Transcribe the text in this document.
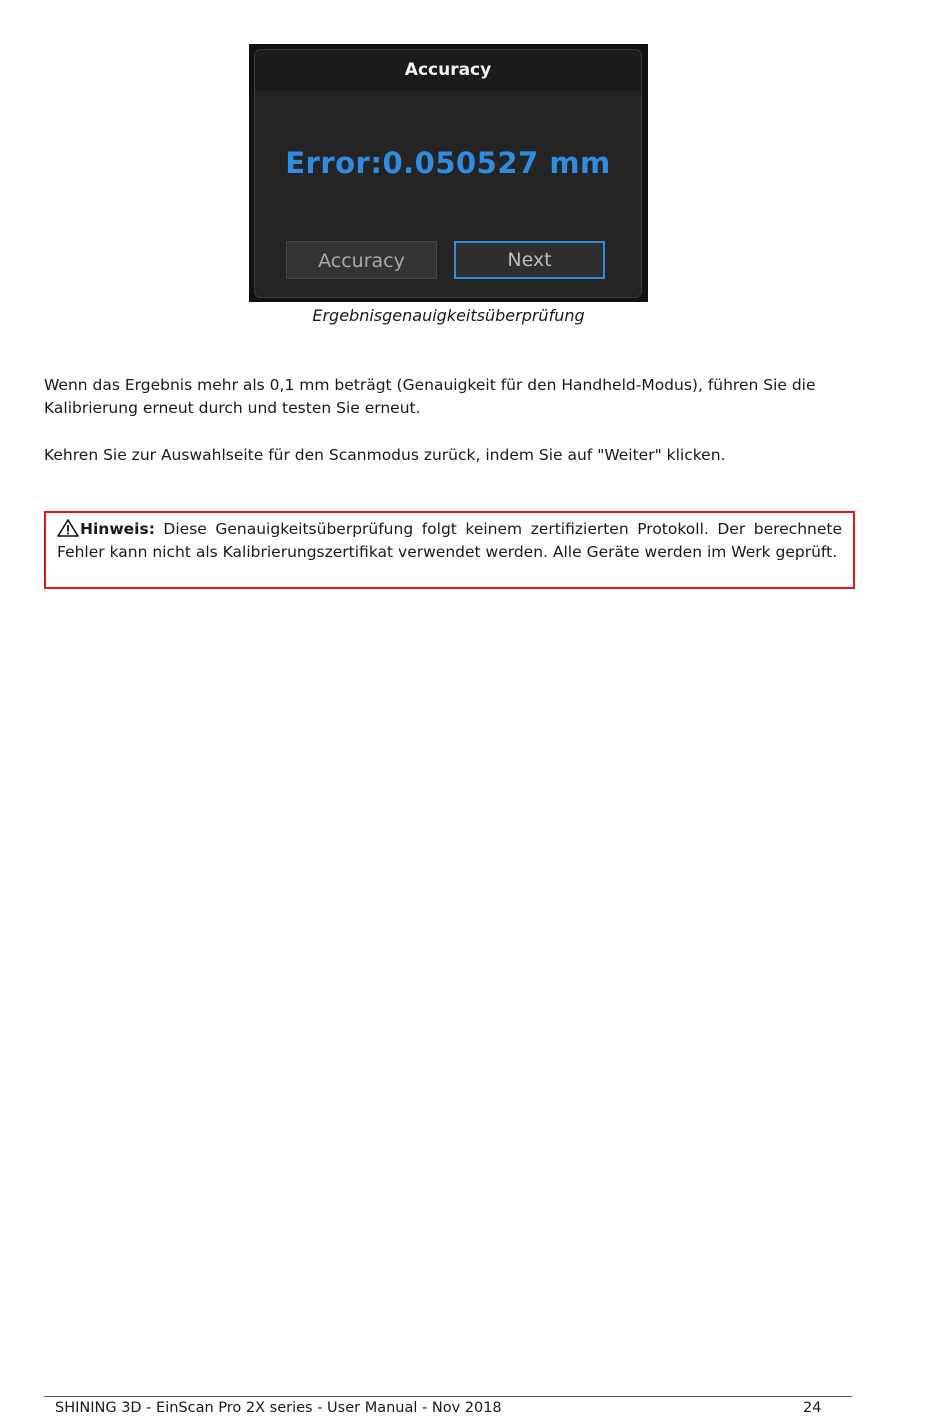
Accuracy
Error:0.050527 mm
Accuracy	Next
Ergebnisgenauigkeitsüberprüfung
Wenn das Ergebnis mehr als 0,1 mm beträgt (Genauigkeit für den Handheld-Modus), führen Sie die Kalibrierung erneut durch und testen Sie erneut.
Kehren Sie zur Auswahlseite für den Scanmodus zurück, indem Sie auf "Weiter" klicken.
Hinweis: Diese Genauigkeitsüberprüfung folgt keinem zertifizierten Protokoll. Der berechnete Fehler kann nicht als Kalibrierungszertifikat verwendet werden. Alle Geräte werden im Werk geprüft.
SHINING 3D - EinScan Pro 2X series - User Manual - Nov 2018	24
